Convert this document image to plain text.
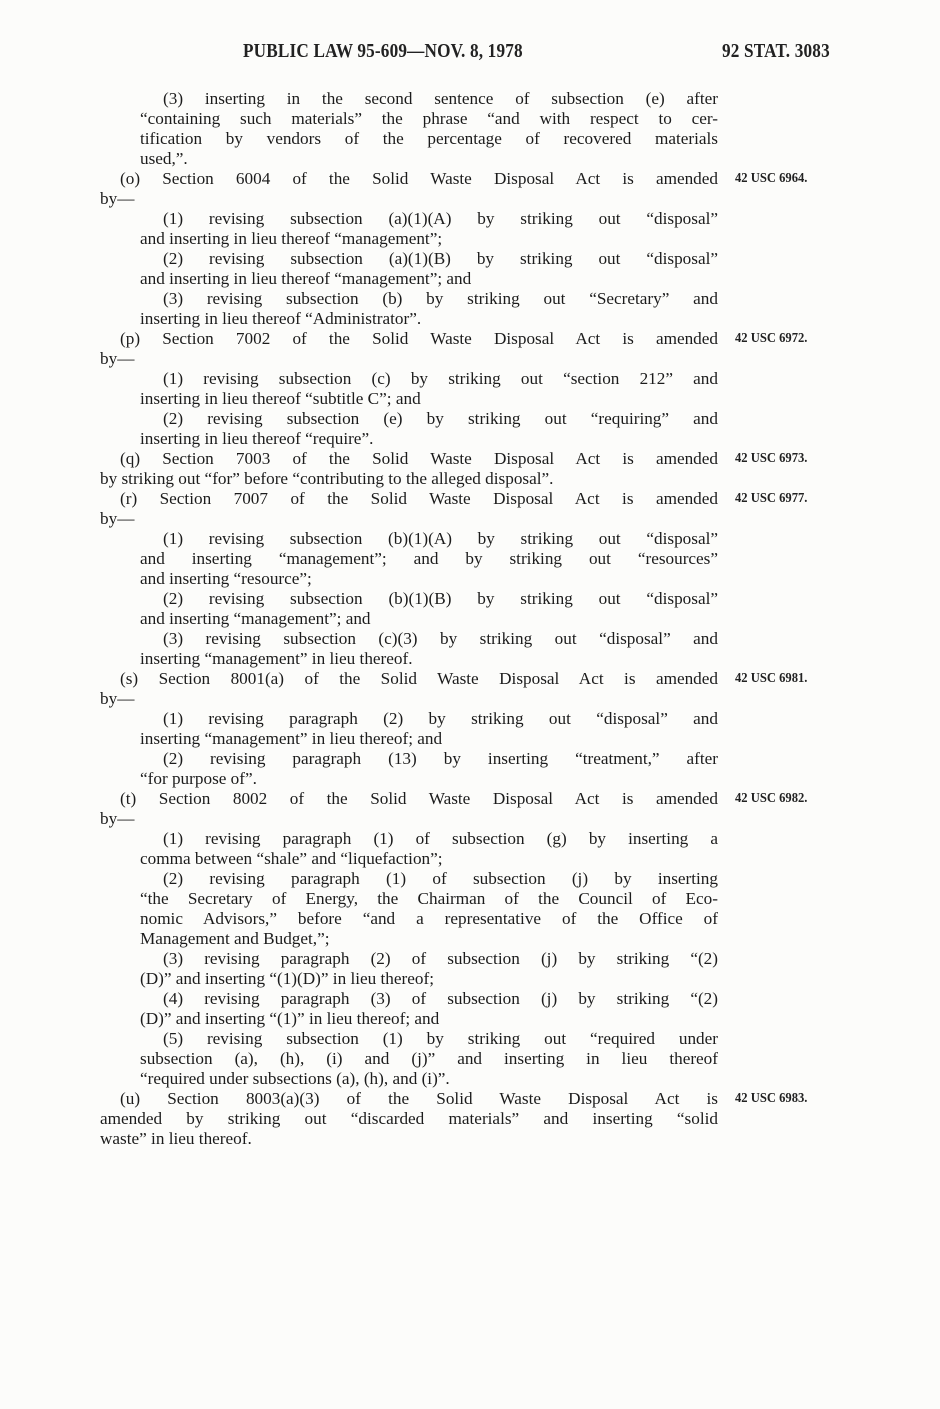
PUBLIC LAW 95-609—NOV. 8, 1978	92 STAT. 3083
(3) inserting in the second sentence of subsection (e) after
“containing such materials” the phrase “and with respect to cer-
tification by vendors of the percentage of recovered materials
used,”.
(o) Section 6004 of the Solid Waste Disposal Act is amended
by—
42 USC 6964.
(1) revising subsection (a)(1)(A) by striking out “disposal”
and inserting in lieu thereof “management”;
(2) revising subsection (a)(1)(B) by striking out “disposal”
and inserting in lieu thereof “management”; and
(3) revising subsection (b) by striking out “Secretary” and
inserting in lieu thereof “Administrator”.
(p) Section 7002 of the Solid Waste Disposal Act is amended
by—
42 USC 6972.
(1) revising subsection (c) by striking out “section 212” and
inserting in lieu thereof “subtitle C”; and
(2) revising subsection (e) by striking out “requiring” and
inserting in lieu thereof “require”.
(q) Section 7003 of the Solid Waste Disposal Act is amended
by striking out “for” before “contributing to the alleged disposal”.
42 USC 6973.
(r) Section 7007 of the Solid Waste Disposal Act is amended
by—
42 USC 6977.
(1) revising subsection (b)(1)(A) by striking out “disposal”
and inserting “management”; and by striking out “resources”
and inserting “resource”;
(2) revising subsection (b)(1)(B) by striking out “disposal”
and inserting “management”; and
(3) revising subsection (c)(3) by striking out “disposal” and
inserting “management” in lieu thereof.
(s) Section 8001(a) of the Solid Waste Disposal Act is amended
by—
42 USC 6981.
(1) revising paragraph (2) by striking out “disposal” and
inserting “management” in lieu thereof; and
(2) revising paragraph (13) by inserting “treatment,” after
“for purpose of”.
(t) Section 8002 of the Solid Waste Disposal Act is amended
by—
42 USC 6982.
(1) revising paragraph (1) of subsection (g) by inserting a
comma between “shale” and “liquefaction”;
(2) revising paragraph (1) of subsection (j) by inserting
“the Secretary of Energy, the Chairman of the Council of Eco-
nomic Advisors,” before “and a representative of the Office of
Management and Budget,”;
(3) revising paragraph (2) of subsection (j) by striking “(2)
(D)” and inserting “(1)(D)” in lieu thereof;
(4) revising paragraph (3) of subsection (j) by striking “(2)
(D)” and inserting “(1)” in lieu thereof; and
(5) revising subsection (1) by striking out “required under
subsection (a), (h), (i) and (j)” and inserting in lieu thereof
“required under subsections (a), (h), and (i)”.
(u) Section 8003(a)(3) of the Solid Waste Disposal Act is
amended by striking out “discarded materials” and inserting “solid
waste” in lieu thereof.
42 USC 6983.
